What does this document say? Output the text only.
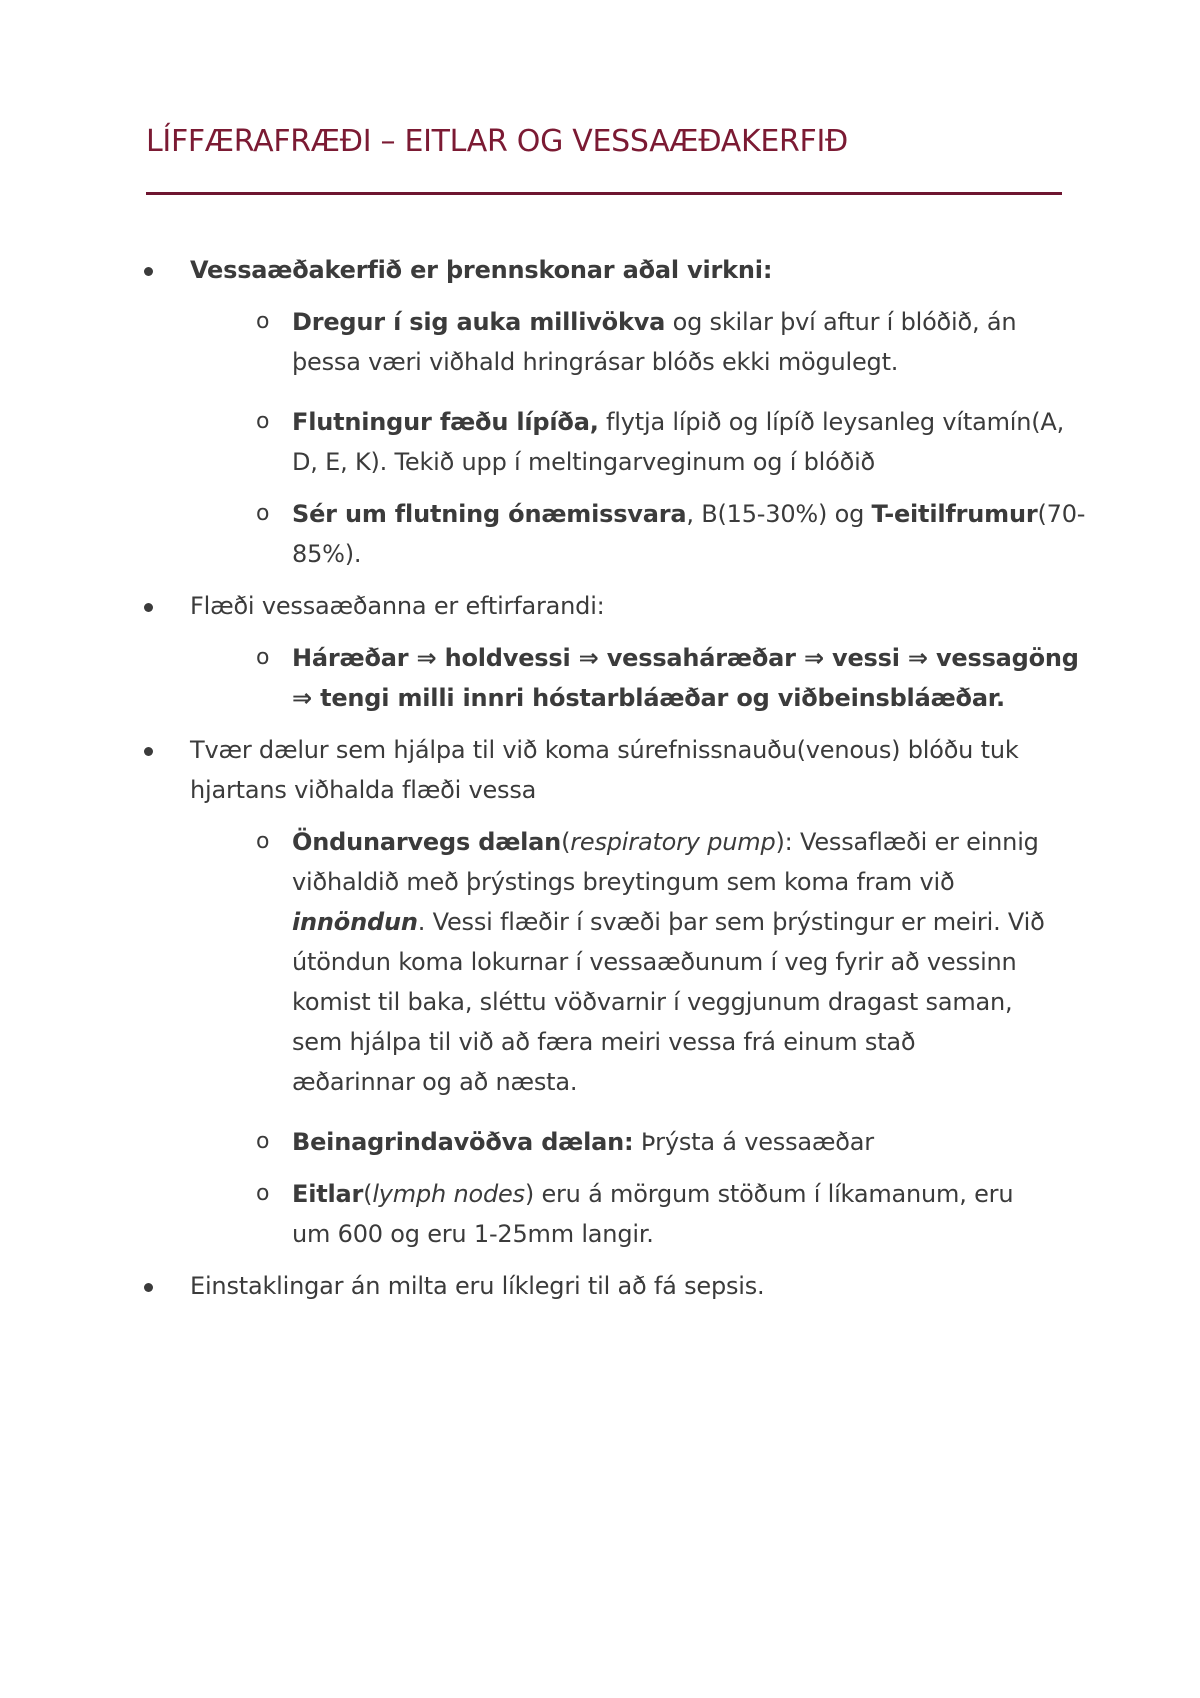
LÍFFÆRAFRÆÐI – EITLAR OG VESSAÆÐAKERFIÐ
Vessaæðakerfið er þrennskonar aðal virkni:
o Dregur í sig auka millivökva og skilar því aftur í blóðið, án
þessa væri viðhald hringrásar blóðs ekki mögulegt.
o Flutningur fæðu lípíða, flytja lípið og lípíð leysanleg vítamín(A,
D, E, K). Tekið upp í meltingarveginum og í blóðið
o Sér um flutning ónæmissvara, B(15-30%) og T-eitilfrumur(70-
85%).
Flæði vessaæðanna er eftirfarandi:
o Háræðar ⇒ holdvessi ⇒ vessaháræðar ⇒ vessi ⇒ vessagöng
⇒ tengi milli innri hóstarbláæðar og viðbeinsbláæðar.
Tvær dælur sem hjálpa til við koma súrefnissnauðu(venous) blóðu tuk
hjartans viðhalda flæði vessa
o Öndunarvegs dælan(respiratory pump): Vessaflæði er einnig
viðhaldið með þrýstings breytingum sem koma fram við
innöndun. Vessi flæðir í svæði þar sem þrýstingur er meiri. Við
útöndun koma lokurnar í vessaæðunum í veg fyrir að vessinn
komist til baka, sléttu vöðvarnir í veggjunum dragast saman,
sem hjálpa til við að færa meiri vessa frá einum stað
æðarinnar og að næsta.
o Beinagrindavöðva dælan: Þrýsta á vessaæðar
o Eitlar(lymph nodes) eru á mörgum stöðum í líkamanum, eru
um 600 og eru 1-25mm langir.
Einstaklingar án milta eru líklegri til að fá sepsis.
